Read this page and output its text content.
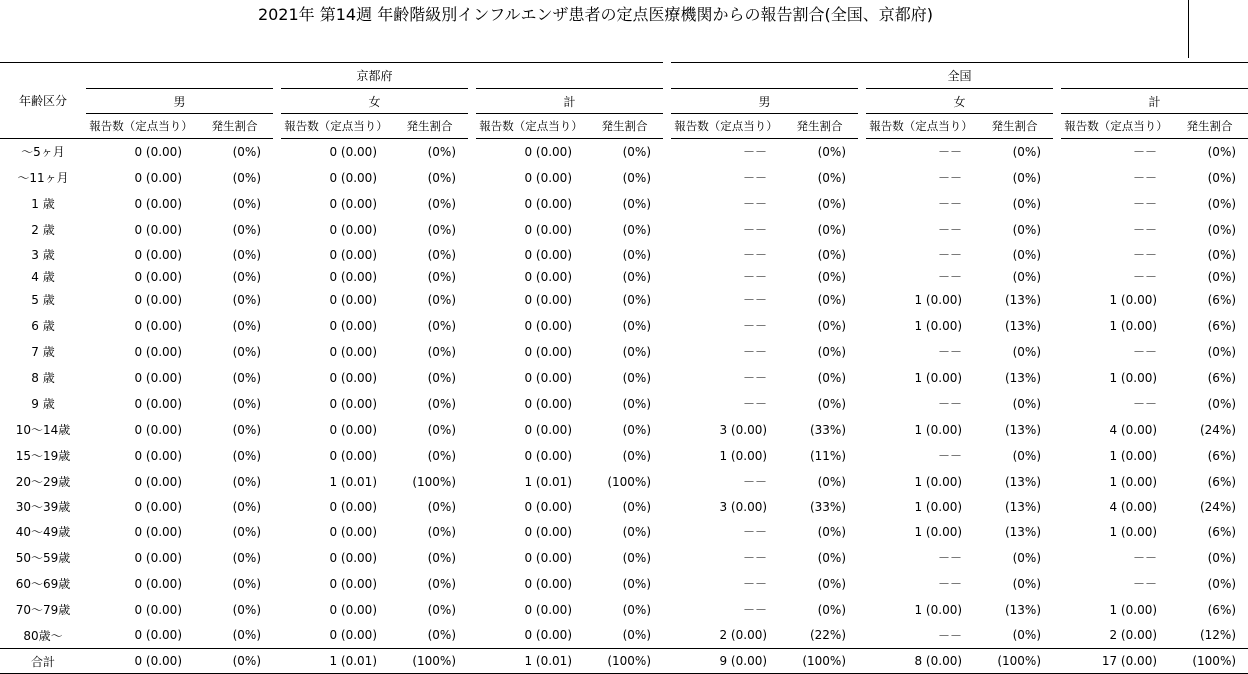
2021年 第14週 年齢階級別インフルエンザ患者の定点医療機関からの報告割合(全国、京都府)
年齢区分	京都府									全国							
	男			女			計			男			女			計	
	報告数（定点当り）	発生割合		報告数（定点当り）	発生割合		報告数（定点当り）	発生割合		報告数（定点当り）	発生割合		報告数（定点当り）	発生割合		報告数（定点当り）	発生割合
～5ヶ月	0 (0.00)	(0%)		0 (0.00)	(0%)		0 (0.00)	(0%)		－－	(0%)		－－	(0%)		－－	(0%)
～11ヶ月	0 (0.00)	(0%)		0 (0.00)	(0%)		0 (0.00)	(0%)		－－	(0%)		－－	(0%)		－－	(0%)
1 歳	0 (0.00)	(0%)		0 (0.00)	(0%)		0 (0.00)	(0%)		－－	(0%)		－－	(0%)		－－	(0%)
2 歳	0 (0.00)	(0%)		0 (0.00)	(0%)		0 (0.00)	(0%)		－－	(0%)		－－	(0%)		－－	(0%)
3 歳	0 (0.00)	(0%)		0 (0.00)	(0%)		0 (0.00)	(0%)		－－	(0%)		－－	(0%)		－－	(0%)
4 歳	0 (0.00)	(0%)		0 (0.00)	(0%)		0 (0.00)	(0%)		－－	(0%)		－－	(0%)		－－	(0%)
5 歳	0 (0.00)	(0%)		0 (0.00)	(0%)		0 (0.00)	(0%)		－－	(0%)		1 (0.00)	(13%)		1 (0.00)	(6%)
6 歳	0 (0.00)	(0%)		0 (0.00)	(0%)		0 (0.00)	(0%)		－－	(0%)		1 (0.00)	(13%)		1 (0.00)	(6%)
7 歳	0 (0.00)	(0%)		0 (0.00)	(0%)		0 (0.00)	(0%)		－－	(0%)		－－	(0%)		－－	(0%)
8 歳	0 (0.00)	(0%)		0 (0.00)	(0%)		0 (0.00)	(0%)		－－	(0%)		1 (0.00)	(13%)		1 (0.00)	(6%)
9 歳	0 (0.00)	(0%)		0 (0.00)	(0%)		0 (0.00)	(0%)		－－	(0%)		－－	(0%)		－－	(0%)
10～14歳	0 (0.00)	(0%)		0 (0.00)	(0%)		0 (0.00)	(0%)		3 (0.00)	(33%)		1 (0.00)	(13%)		4 (0.00)	(24%)
15～19歳	0 (0.00)	(0%)		0 (0.00)	(0%)		0 (0.00)	(0%)		1 (0.00)	(11%)		－－	(0%)		1 (0.00)	(6%)
20～29歳	0 (0.00)	(0%)		1 (0.01)	(100%)		1 (0.01)	(100%)		－－	(0%)		1 (0.00)	(13%)		1 (0.00)	(6%)
30～39歳	0 (0.00)	(0%)		0 (0.00)	(0%)		0 (0.00)	(0%)		3 (0.00)	(33%)		1 (0.00)	(13%)		4 (0.00)	(24%)
40～49歳	0 (0.00)	(0%)		0 (0.00)	(0%)		0 (0.00)	(0%)		－－	(0%)		1 (0.00)	(13%)		1 (0.00)	(6%)
50～59歳	0 (0.00)	(0%)		0 (0.00)	(0%)		0 (0.00)	(0%)		－－	(0%)		－－	(0%)		－－	(0%)
60～69歳	0 (0.00)	(0%)		0 (0.00)	(0%)		0 (0.00)	(0%)		－－	(0%)		－－	(0%)		－－	(0%)
70～79歳	0 (0.00)	(0%)		0 (0.00)	(0%)		0 (0.00)	(0%)		－－	(0%)		1 (0.00)	(13%)		1 (0.00)	(6%)
80歳～	0 (0.00)	(0%)		0 (0.00)	(0%)		0 (0.00)	(0%)		2 (0.00)	(22%)		－－	(0%)		2 (0.00)	(12%)
合計	0 (0.00)	(0%)		1 (0.01)	(100%)		1 (0.01)	(100%)		9 (0.00)	(100%)		8 (0.00)	(100%)		17 (0.00)	(100%)
